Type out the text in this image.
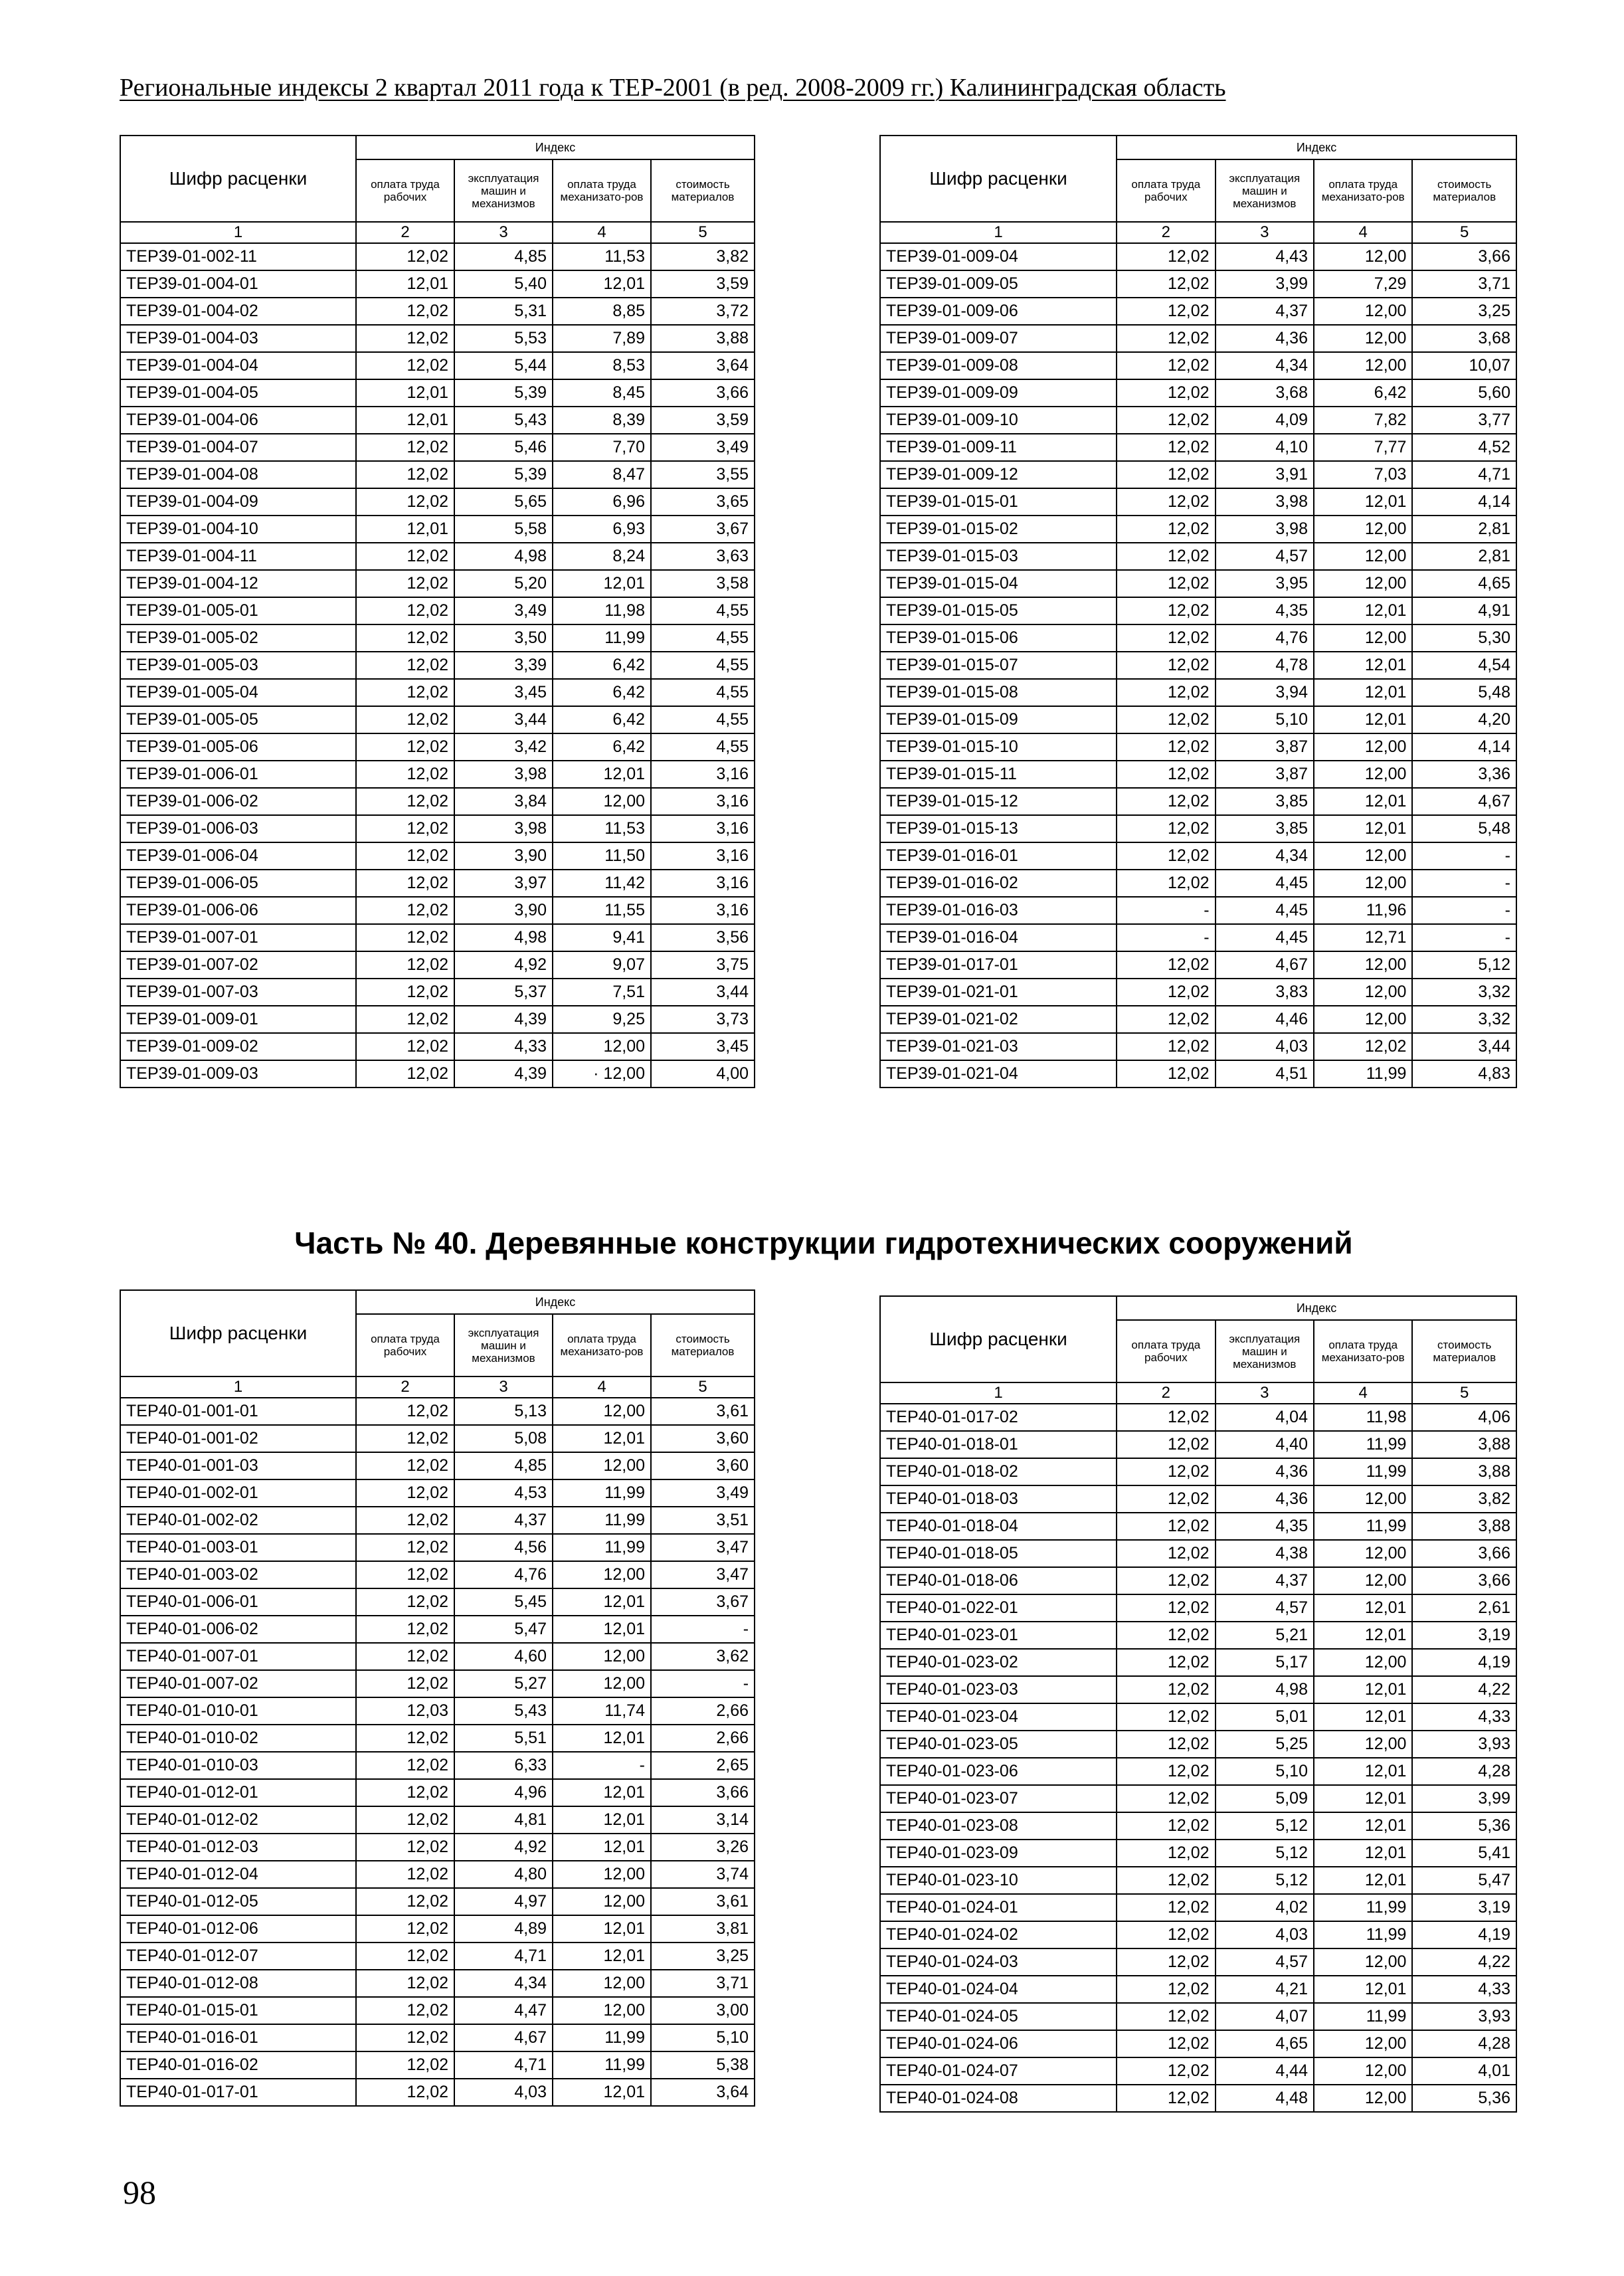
Региональные индексы 2 квартал 2011 года к ТЕР-2001 (в ред. 2008-2009 гг.) Калининградская область
Шифр расценки	Индекс			
	оплата труда рабочих	эксплуатация машин и механизмов	оплата труда механизато-ров	стоимость материалов
1	2	3	4	5
ТЕР39-01-002-11	12,02	4,85	11,53	3,82
ТЕР39-01-004-01	12,01	5,40	12,01	3,59
ТЕР39-01-004-02	12,02	5,31	8,85	3,72
ТЕР39-01-004-03	12,02	5,53	7,89	3,88
ТЕР39-01-004-04	12,02	5,44	8,53	3,64
ТЕР39-01-004-05	12,01	5,39	8,45	3,66
ТЕР39-01-004-06	12,01	5,43	8,39	3,59
ТЕР39-01-004-07	12,02	5,46	7,70	3,49
ТЕР39-01-004-08	12,02	5,39	8,47	3,55
ТЕР39-01-004-09	12,02	5,65	6,96	3,65
ТЕР39-01-004-10	12,01	5,58	6,93	3,67
ТЕР39-01-004-11	12,02	4,98	8,24	3,63
ТЕР39-01-004-12	12,02	5,20	12,01	3,58
ТЕР39-01-005-01	12,02	3,49	11,98	4,55
ТЕР39-01-005-02	12,02	3,50	11,99	4,55
ТЕР39-01-005-03	12,02	3,39	6,42	4,55
ТЕР39-01-005-04	12,02	3,45	6,42	4,55
ТЕР39-01-005-05	12,02	3,44	6,42	4,55
ТЕР39-01-005-06	12,02	3,42	6,42	4,55
ТЕР39-01-006-01	12,02	3,98	12,01	3,16
ТЕР39-01-006-02	12,02	3,84	12,00	3,16
ТЕР39-01-006-03	12,02	3,98	11,53	3,16
ТЕР39-01-006-04	12,02	3,90	11,50	3,16
ТЕР39-01-006-05	12,02	3,97	11,42	3,16
ТЕР39-01-006-06	12,02	3,90	11,55	3,16
ТЕР39-01-007-01	12,02	4,98	9,41	3,56
ТЕР39-01-007-02	12,02	4,92	9,07	3,75
ТЕР39-01-007-03	12,02	5,37	7,51	3,44
ТЕР39-01-009-01	12,02	4,39	9,25	3,73
ТЕР39-01-009-02	12,02	4,33	12,00	3,45
ТЕР39-01-009-03	12,02	4,39	· 12,00	4,00
Шифр расценки	Индекс			
	оплата труда рабочих	эксплуатация машин и механизмов	оплата труда механизато-ров	стоимость материалов
1	2	3	4	5
ТЕР39-01-009-04	12,02	4,43	12,00	3,66
ТЕР39-01-009-05	12,02	3,99	7,29	3,71
ТЕР39-01-009-06	12,02	4,37	12,00	3,25
ТЕР39-01-009-07	12,02	4,36	12,00	3,68
ТЕР39-01-009-08	12,02	4,34	12,00	10,07
ТЕР39-01-009-09	12,02	3,68	6,42	5,60
ТЕР39-01-009-10	12,02	4,09	7,82	3,77
ТЕР39-01-009-11	12,02	4,10	7,77	4,52
ТЕР39-01-009-12	12,02	3,91	7,03	4,71
ТЕР39-01-015-01	12,02	3,98	12,01	4,14
ТЕР39-01-015-02	12,02	3,98	12,00	2,81
ТЕР39-01-015-03	12,02	4,57	12,00	2,81
ТЕР39-01-015-04	12,02	3,95	12,00	4,65
ТЕР39-01-015-05	12,02	4,35	12,01	4,91
ТЕР39-01-015-06	12,02	4,76	12,00	5,30
ТЕР39-01-015-07	12,02	4,78	12,01	4,54
ТЕР39-01-015-08	12,02	3,94	12,01	5,48
ТЕР39-01-015-09	12,02	5,10	12,01	4,20
ТЕР39-01-015-10	12,02	3,87	12,00	4,14
ТЕР39-01-015-11	12,02	3,87	12,00	3,36
ТЕР39-01-015-12	12,02	3,85	12,01	4,67
ТЕР39-01-015-13	12,02	3,85	12,01	5,48
ТЕР39-01-016-01	12,02	4,34	12,00	-
ТЕР39-01-016-02	12,02	4,45	12,00	-
ТЕР39-01-016-03	-	4,45	11,96	-
ТЕР39-01-016-04	-	4,45	12,71	-
ТЕР39-01-017-01	12,02	4,67	12,00	5,12
ТЕР39-01-021-01	12,02	3,83	12,00	3,32
ТЕР39-01-021-02	12,02	4,46	12,00	3,32
ТЕР39-01-021-03	12,02	4,03	12,02	3,44
ТЕР39-01-021-04	12,02	4,51	11,99	4,83
Часть № 40. Деревянные конструкции гидротехнических сооружений
Шифр расценки	Индекс			
	оплата труда рабочих	эксплуатация машин и механизмов	оплата труда механизато-ров	стоимость материалов
1	2	3	4	5
ТЕР40-01-001-01	12,02	5,13	12,00	3,61
ТЕР40-01-001-02	12,02	5,08	12,01	3,60
ТЕР40-01-001-03	12,02	4,85	12,00	3,60
ТЕР40-01-002-01	12,02	4,53	11,99	3,49
ТЕР40-01-002-02	12,02	4,37	11,99	3,51
ТЕР40-01-003-01	12,02	4,56	11,99	3,47
ТЕР40-01-003-02	12,02	4,76	12,00	3,47
ТЕР40-01-006-01	12,02	5,45	12,01	3,67
ТЕР40-01-006-02	12,02	5,47	12,01	-
ТЕР40-01-007-01	12,02	4,60	12,00	3,62
ТЕР40-01-007-02	12,02	5,27	12,00	-
ТЕР40-01-010-01	12,03	5,43	11,74	2,66
ТЕР40-01-010-02	12,02	5,51	12,01	2,66
ТЕР40-01-010-03	12,02	6,33	-	2,65
ТЕР40-01-012-01	12,02	4,96	12,01	3,66
ТЕР40-01-012-02	12,02	4,81	12,01	3,14
ТЕР40-01-012-03	12,02	4,92	12,01	3,26
ТЕР40-01-012-04	12,02	4,80	12,00	3,74
ТЕР40-01-012-05	12,02	4,97	12,00	3,61
ТЕР40-01-012-06	12,02	4,89	12,01	3,81
ТЕР40-01-012-07	12,02	4,71	12,01	3,25
ТЕР40-01-012-08	12,02	4,34	12,00	3,71
ТЕР40-01-015-01	12,02	4,47	12,00	3,00
ТЕР40-01-016-01	12,02	4,67	11,99	5,10
ТЕР40-01-016-02	12,02	4,71	11,99	5,38
ТЕР40-01-017-01	12,02	4,03	12,01	3,64
Шифр расценки	Индекс			
	оплата труда рабочих	эксплуатация машин и механизмов	оплата труда механизато-ров	стоимость материалов
1	2	3	4	5
ТЕР40-01-017-02	12,02	4,04	11,98	4,06
ТЕР40-01-018-01	12,02	4,40	11,99	3,88
ТЕР40-01-018-02	12,02	4,36	11,99	3,88
ТЕР40-01-018-03	12,02	4,36	12,00	3,82
ТЕР40-01-018-04	12,02	4,35	11,99	3,88
ТЕР40-01-018-05	12,02	4,38	12,00	3,66
ТЕР40-01-018-06	12,02	4,37	12,00	3,66
ТЕР40-01-022-01	12,02	4,57	12,01	2,61
ТЕР40-01-023-01	12,02	5,21	12,01	3,19
ТЕР40-01-023-02	12,02	5,17	12,00	4,19
ТЕР40-01-023-03	12,02	4,98	12,01	4,22
ТЕР40-01-023-04	12,02	5,01	12,01	4,33
ТЕР40-01-023-05	12,02	5,25	12,00	3,93
ТЕР40-01-023-06	12,02	5,10	12,01	4,28
ТЕР40-01-023-07	12,02	5,09	12,01	3,99
ТЕР40-01-023-08	12,02	5,12	12,01	5,36
ТЕР40-01-023-09	12,02	5,12	12,01	5,41
ТЕР40-01-023-10	12,02	5,12	12,01	5,47
ТЕР40-01-024-01	12,02	4,02	11,99	3,19
ТЕР40-01-024-02	12,02	4,03	11,99	4,19
ТЕР40-01-024-03	12,02	4,57	12,00	4,22
ТЕР40-01-024-04	12,02	4,21	12,01	4,33
ТЕР40-01-024-05	12,02	4,07	11,99	3,93
ТЕР40-01-024-06	12,02	4,65	12,00	4,28
ТЕР40-01-024-07	12,02	4,44	12,00	4,01
ТЕР40-01-024-08	12,02	4,48	12,00	5,36
98
